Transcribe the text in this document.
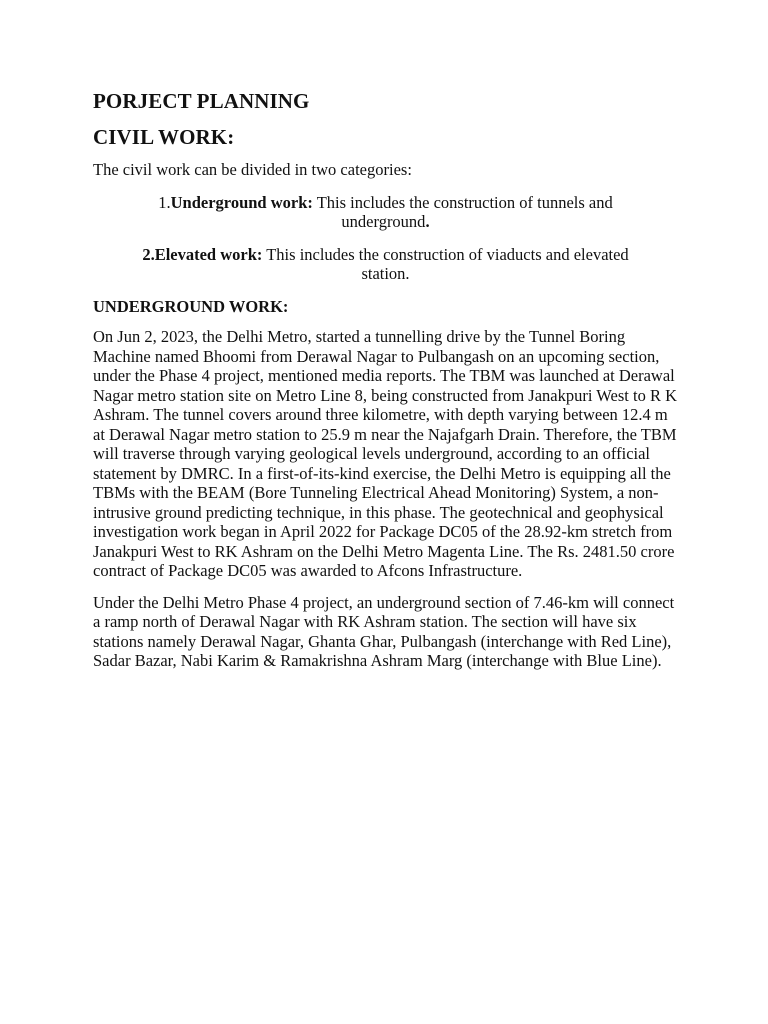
PORJECT PLANNING
CIVIL WORK:

The civil work can be divided in two categories:

1.Underground work: This includes the construction of tunnels and underground.

2.Elevated work: This includes the construction of viaducts and elevated station.

UNDERGROUND WORK:

On Jun 2, 2023, the Delhi Metro, started a tunnelling drive by the Tunnel Boring Machine named Bhoomi from Derawal Nagar to Pulbangash on an upcoming section, under the Phase 4 project, mentioned media reports. The TBM was launched at Derawal Nagar metro station site on Metro Line 8, being constructed from Janakpuri West to R K Ashram. The tunnel covers around three kilometre, with depth varying between 12.4 m at Derawal Nagar metro station to 25.9 m near the Najafgarh Drain. Therefore, the TBM will traverse through varying geological levels underground, according to an official statement by DMRC. In a first-of-its-kind exercise, the Delhi Metro is equipping all the TBMs with the BEAM (Bore Tunneling Electrical Ahead Monitoring) System, a non-intrusive ground predicting technique, in this phase. The geotechnical and geophysical investigation work began in April 2022 for Package DC05 of the 28.92-km stretch from Janakpuri West to RK Ashram on the Delhi Metro Magenta Line. The Rs. 2481.50 crore contract of Package DC05 was awarded to Afcons Infrastructure.

Under the Delhi Metro Phase 4 project, an underground section of 7.46-km will connect a ramp north of Derawal Nagar with RK Ashram station. The section will have six stations namely Derawal Nagar, Ghanta Ghar, Pulbangash (interchange with Red Line), Sadar Bazar, Nabi Karim & Ramakrishna Ashram Marg (interchange with Blue Line).
